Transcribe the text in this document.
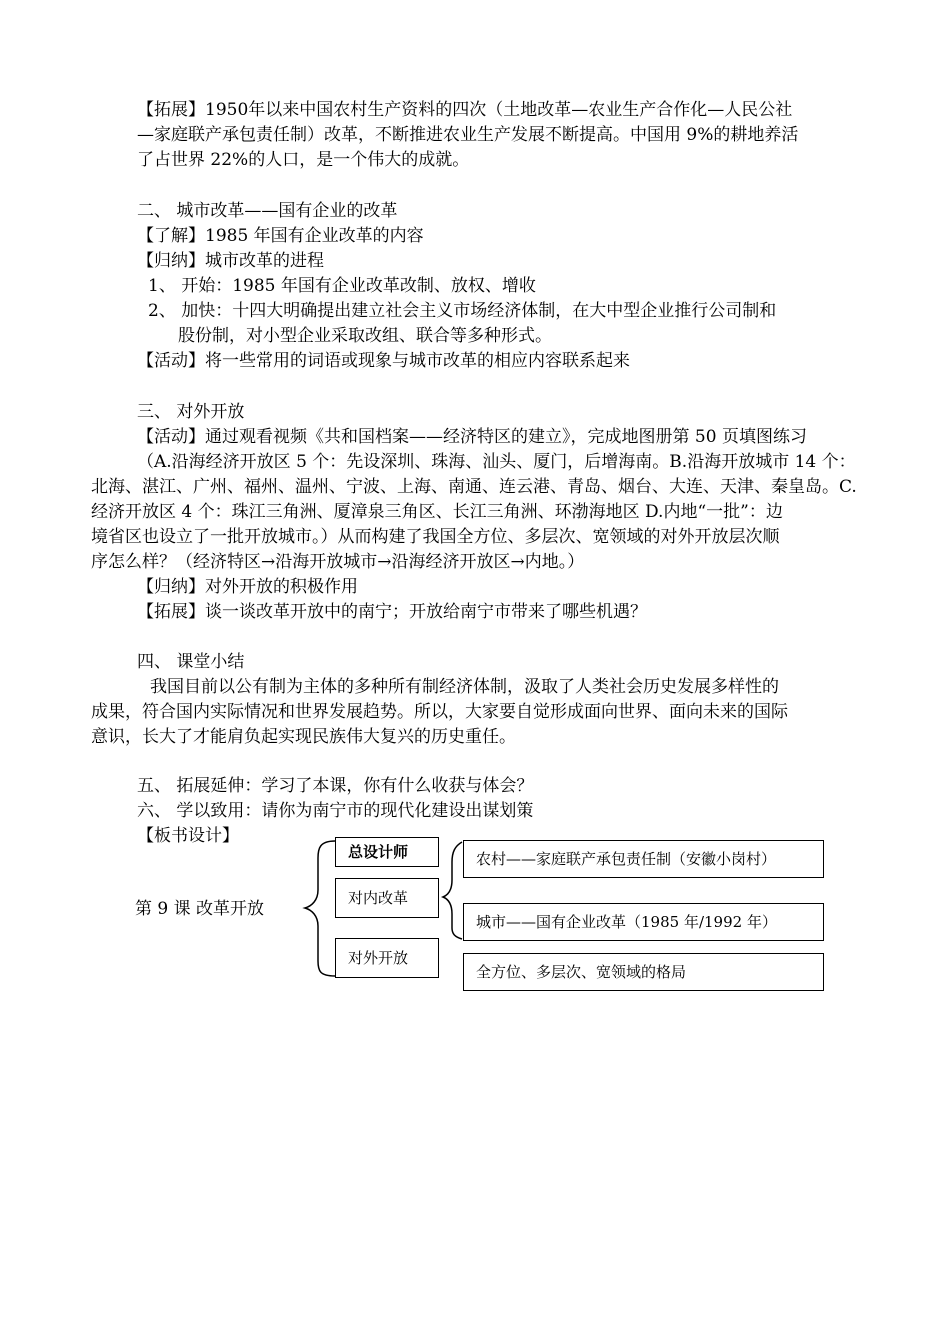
【拓展】1950年以来中国农村生产资料的四次（土地改革—农业生产合作化—人民公社
—家庭联产承包责任制）改革，不断推进农业生产发展不断提高。中国用 9%的耕地养活
了占世界 22%的人口，是一个伟大的成就。
二、 城市改革——国有企业的改革
【了解】1985 年国有企业改革的内容
【归纳】城市改革的进程
1、 开始：1985 年国有企业改革改制、放权、增收
2、 加快：十四大明确提出建立社会主义市场经济体制，在大中型企业推行公司制和
股份制，对小型企业采取改组、联合等多种形式。
【活动】将一些常用的词语或现象与城市改革的相应内容联系起来
三、 对外开放
【活动】通过观看视频《共和国档案——经济特区的建立》，完成地图册第 50 页填图练习
（A.沿海经济开放区 5 个：先设深圳、珠海、汕头、厦门，后增海南。B.沿海开放城市 14 个：
北海、湛江、广州、福州、温州、宁波、上海、南通、连云港、青岛、烟台、大连、天津、秦皇岛。C.
经济开放区 4 个：珠江三角洲、厦漳泉三角区、长江三角洲、环渤海地区 D.内地“一批”：边
境省区也设立了一批开放城市。）从而构建了我国全方位、多层次、宽领域的对外开放层次顺
序怎么样？（经济特区→沿海开放城市→沿海经济开放区→内地。）
【归纳】对外开放的积极作用
【拓展】谈一谈改革开放中的南宁；开放给南宁市带来了哪些机遇？
四、 课堂小结
我国目前以公有制为主体的多种所有制经济体制，汲取了人类社会历史发展多样性的
成果，符合国内实际情况和世界发展趋势。所以，大家要自觉形成面向世界、面向未来的国际
意识，长大了才能肩负起实现民族伟大复兴的历史重任。
五、 拓展延伸：学习了本课，你有什么收获与体会？
六、 学以致用：请你为南宁市的现代化建设出谋划策
【板书设计】
第 9 课 改革开放
总设计师
对内改革
对外开放
农村——家庭联产承包责任制（安徽小岗村）
城市——国有企业改革（1985 年/1992 年）
全方位、多层次、宽领域的格局
